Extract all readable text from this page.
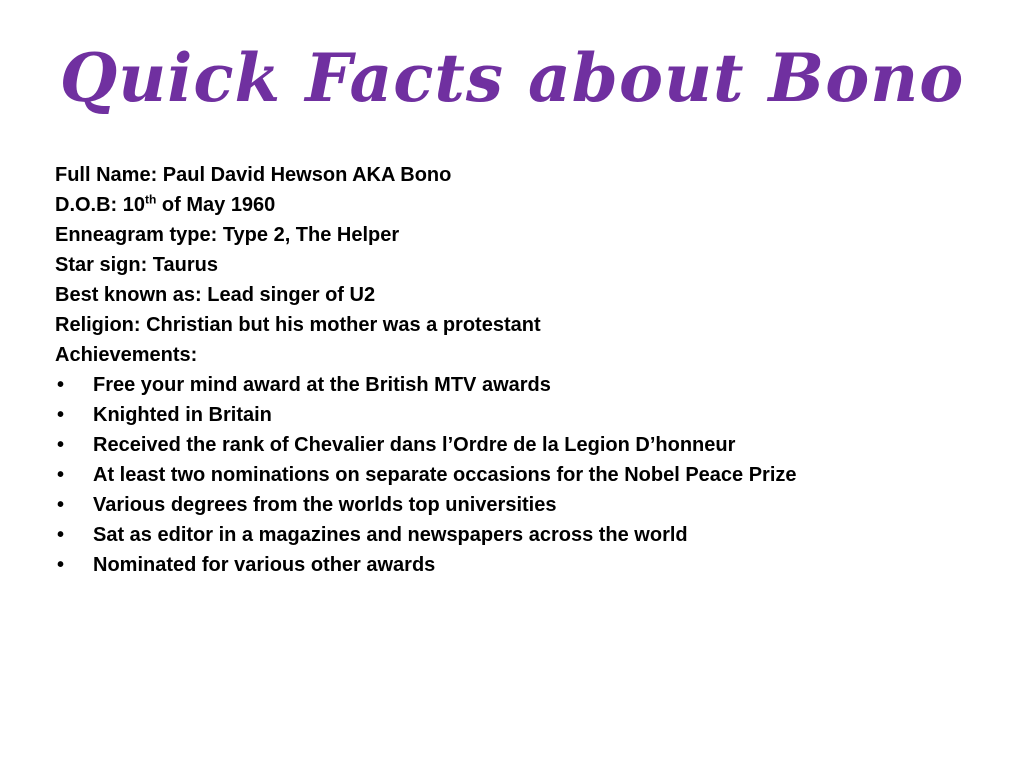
Quick Facts about Bono
Full Name: Paul David Hewson AKA Bono
D.O.B: 10th of May 1960
Enneagram type: Type 2, The Helper
Star sign: Taurus
Best known as: Lead singer of U2
Religion: Christian but his mother was a protestant
Achievements:
• Free your mind award at the British MTV awards
• Knighted in Britain
• Received the rank of Chevalier dans l’Ordre de la Legion D’honneur
• At least two nominations on separate occasions for the Nobel Peace Prize
• Various degrees from the worlds top universities
• Sat as editor in a magazines and newspapers across the world
• Nominated for various other awards
